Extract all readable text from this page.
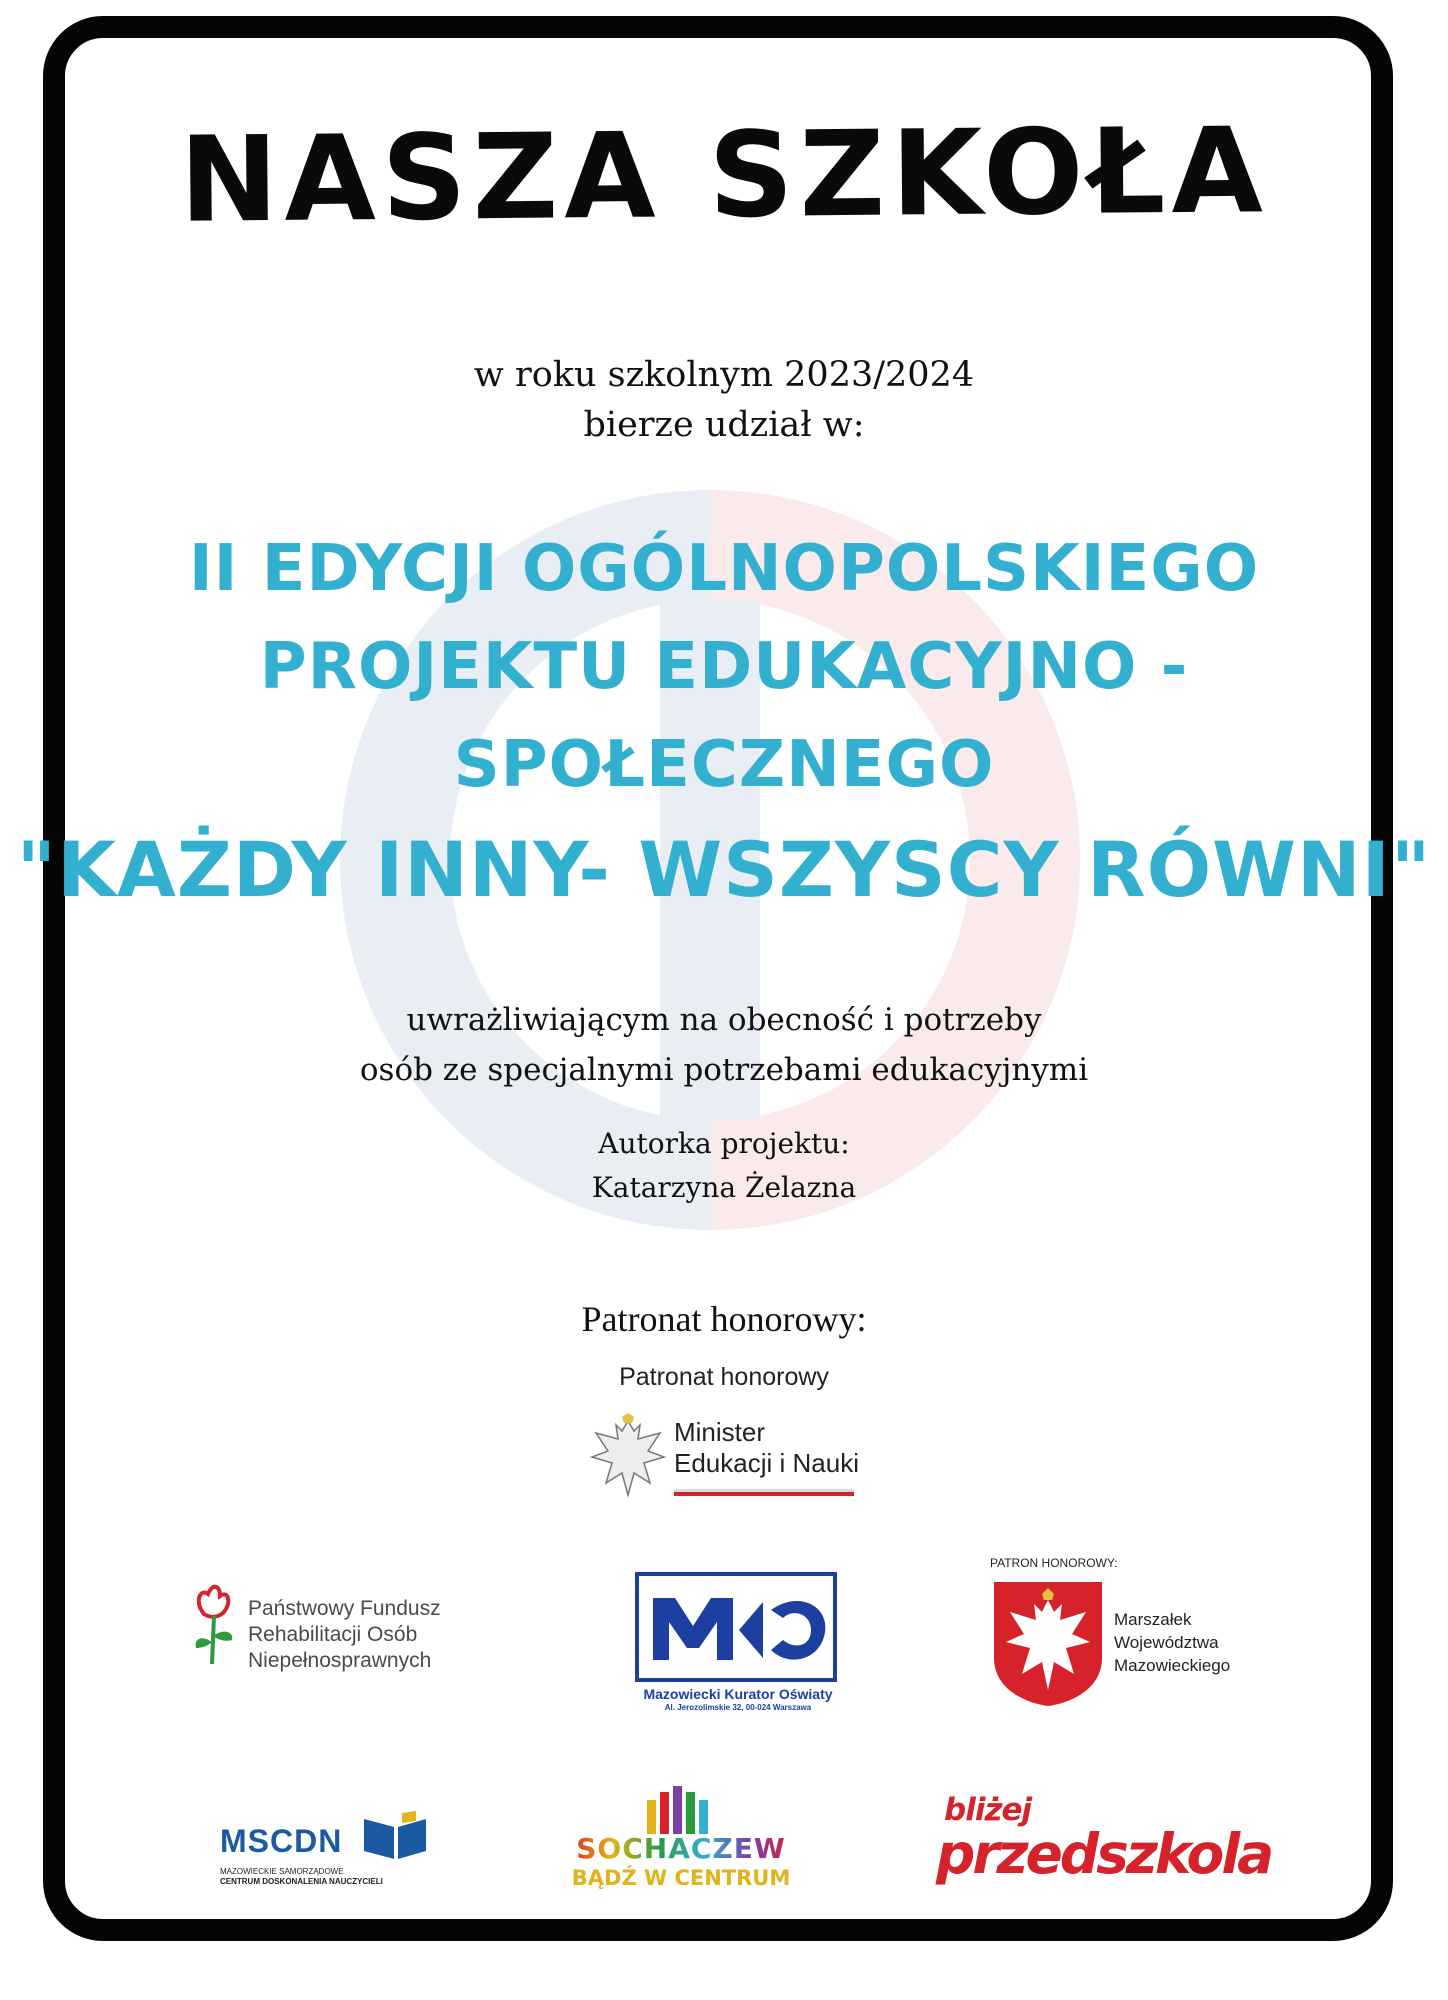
NASZA SZKOŁA
w roku szkolnym 2023/2024
bierze udział w:
II EDYCJI OGÓLNOPOLSKIEGO
PROJEKTU EDUKACYJNO -
SPOŁECZNEGO
"KAŻDY INNY- WSZYSCY RÓWNI"
uwrażliwiającym na obecność i potrzeby
osób ze specjalnymi potrzebami edukacyjnymi
Autorka projektu:
Katarzyna Żelazna
Patronat honorowy:
Patronat honorowy
Minister
Edukacji i Nauki
Państwowy Fundusz
Rehabilitacji Osób
Niepełnosprawnych
Mazowiecki Kurator Oświaty
Al. Jerozolimskie 32, 00-024 Warszawa
PATRON HONOROWY:
Marszałek
Województwa
Mazowieckiego
MSCDN
MAZOWIECKIE SAMORZĄDOWE
CENTRUM DOSKONALENIA NAUCZYCIELI
SOCHACZEW
BĄDŹ W CENTRUM
bliżej
przedszkola
